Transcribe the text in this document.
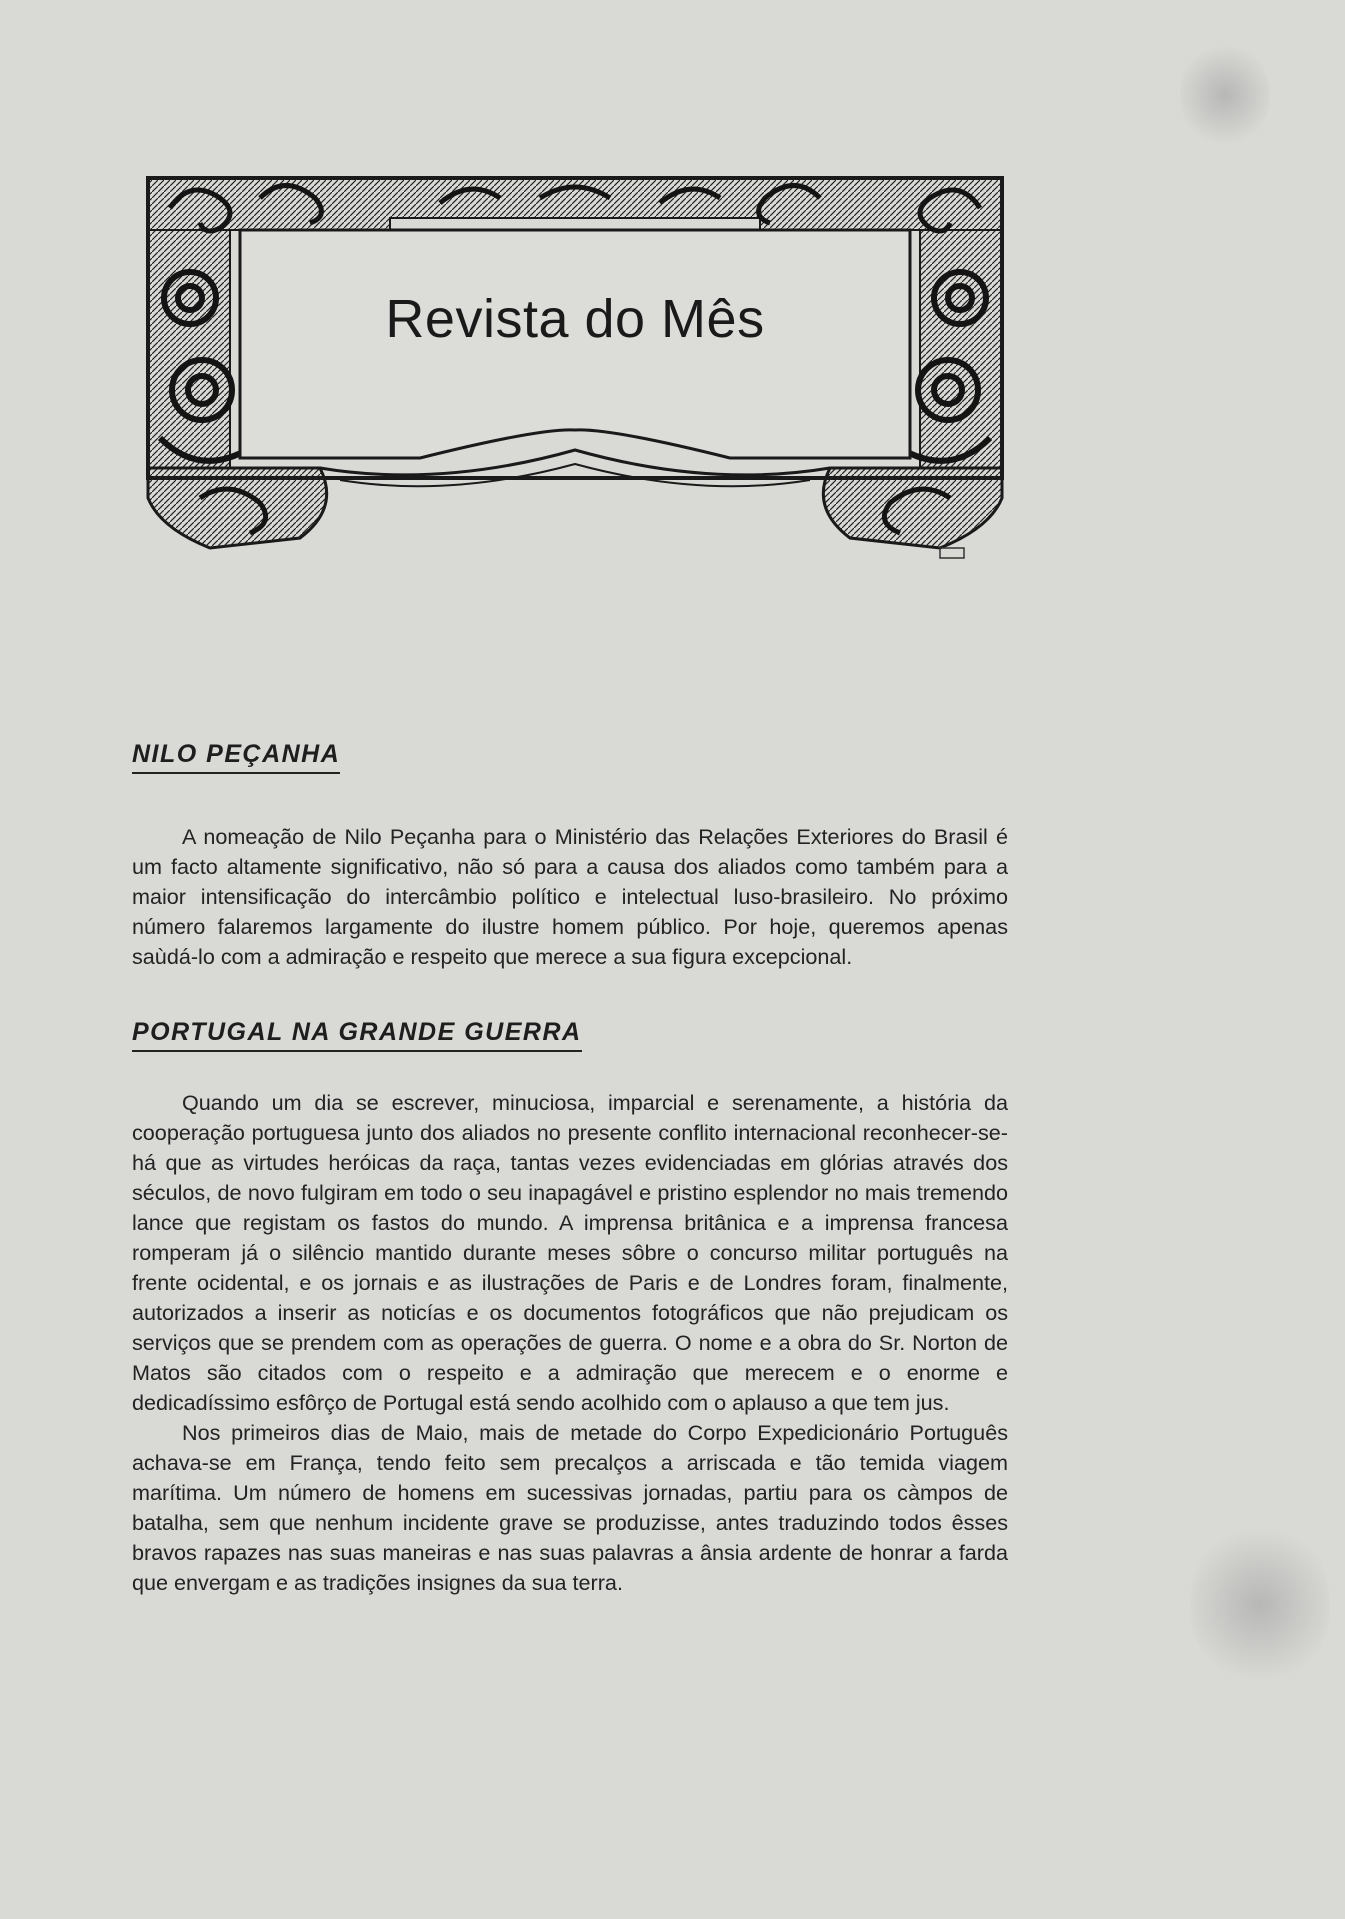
Revista do Mês
NILO PEÇANHA

A nomeação de Nilo Peçanha para o Ministério das Relações Exteriores do Brasil é um facto altamente significativo, não só para a causa dos aliados como também para a maior intensificação do intercâmbio político e intelectual luso-brasileiro. No próximo número falaremos largamente do ilustre homem público. Por hoje, queremos apenas saùdá-lo com a admiração e respeito que merece a sua figura excepcional.

PORTUGAL NA GRANDE GUERRA

Quando um dia se escrever, minuciosa, imparcial e serenamente, a história da cooperação portuguesa junto dos aliados no presente conflito internacional reconhecer-se-há que as virtudes heróicas da raça, tantas vezes evidenciadas em glórias através dos séculos, de novo fulgiram em todo o seu inapagável e pristino esplendor no mais tremendo lance que registam os fastos do mundo. A imprensa britânica e a imprensa francesa romperam já o silêncio mantido durante meses sôbre o concurso militar português na frente ocidental, e os jornais e as ilustrações de Paris e de Londres foram, finalmente, autorizados a inserir as noticías e os documentos fotográficos que não prejudicam os serviços que se prendem com as operações de guerra. O nome e a obra do Sr. Norton de Matos são citados com o respeito e a admiração que merecem e o enorme e dedicadíssimo esfôrço de Portugal está sendo acolhido com o aplauso a que tem jus.

Nos primeiros dias de Maio, mais de metade do Corpo Expedicionário Português achava-se em França, tendo feito sem precalços a arriscada e tão temida viagem marítima. Um número de homens em sucessivas jornadas, partiu para os càmpos de batalha, sem que nenhum incidente grave se produzisse, antes traduzindo todos êsses bravos rapazes nas suas maneiras e nas suas palavras a ânsia ardente de honrar a farda que envergam e as tradições insignes da sua terra.
